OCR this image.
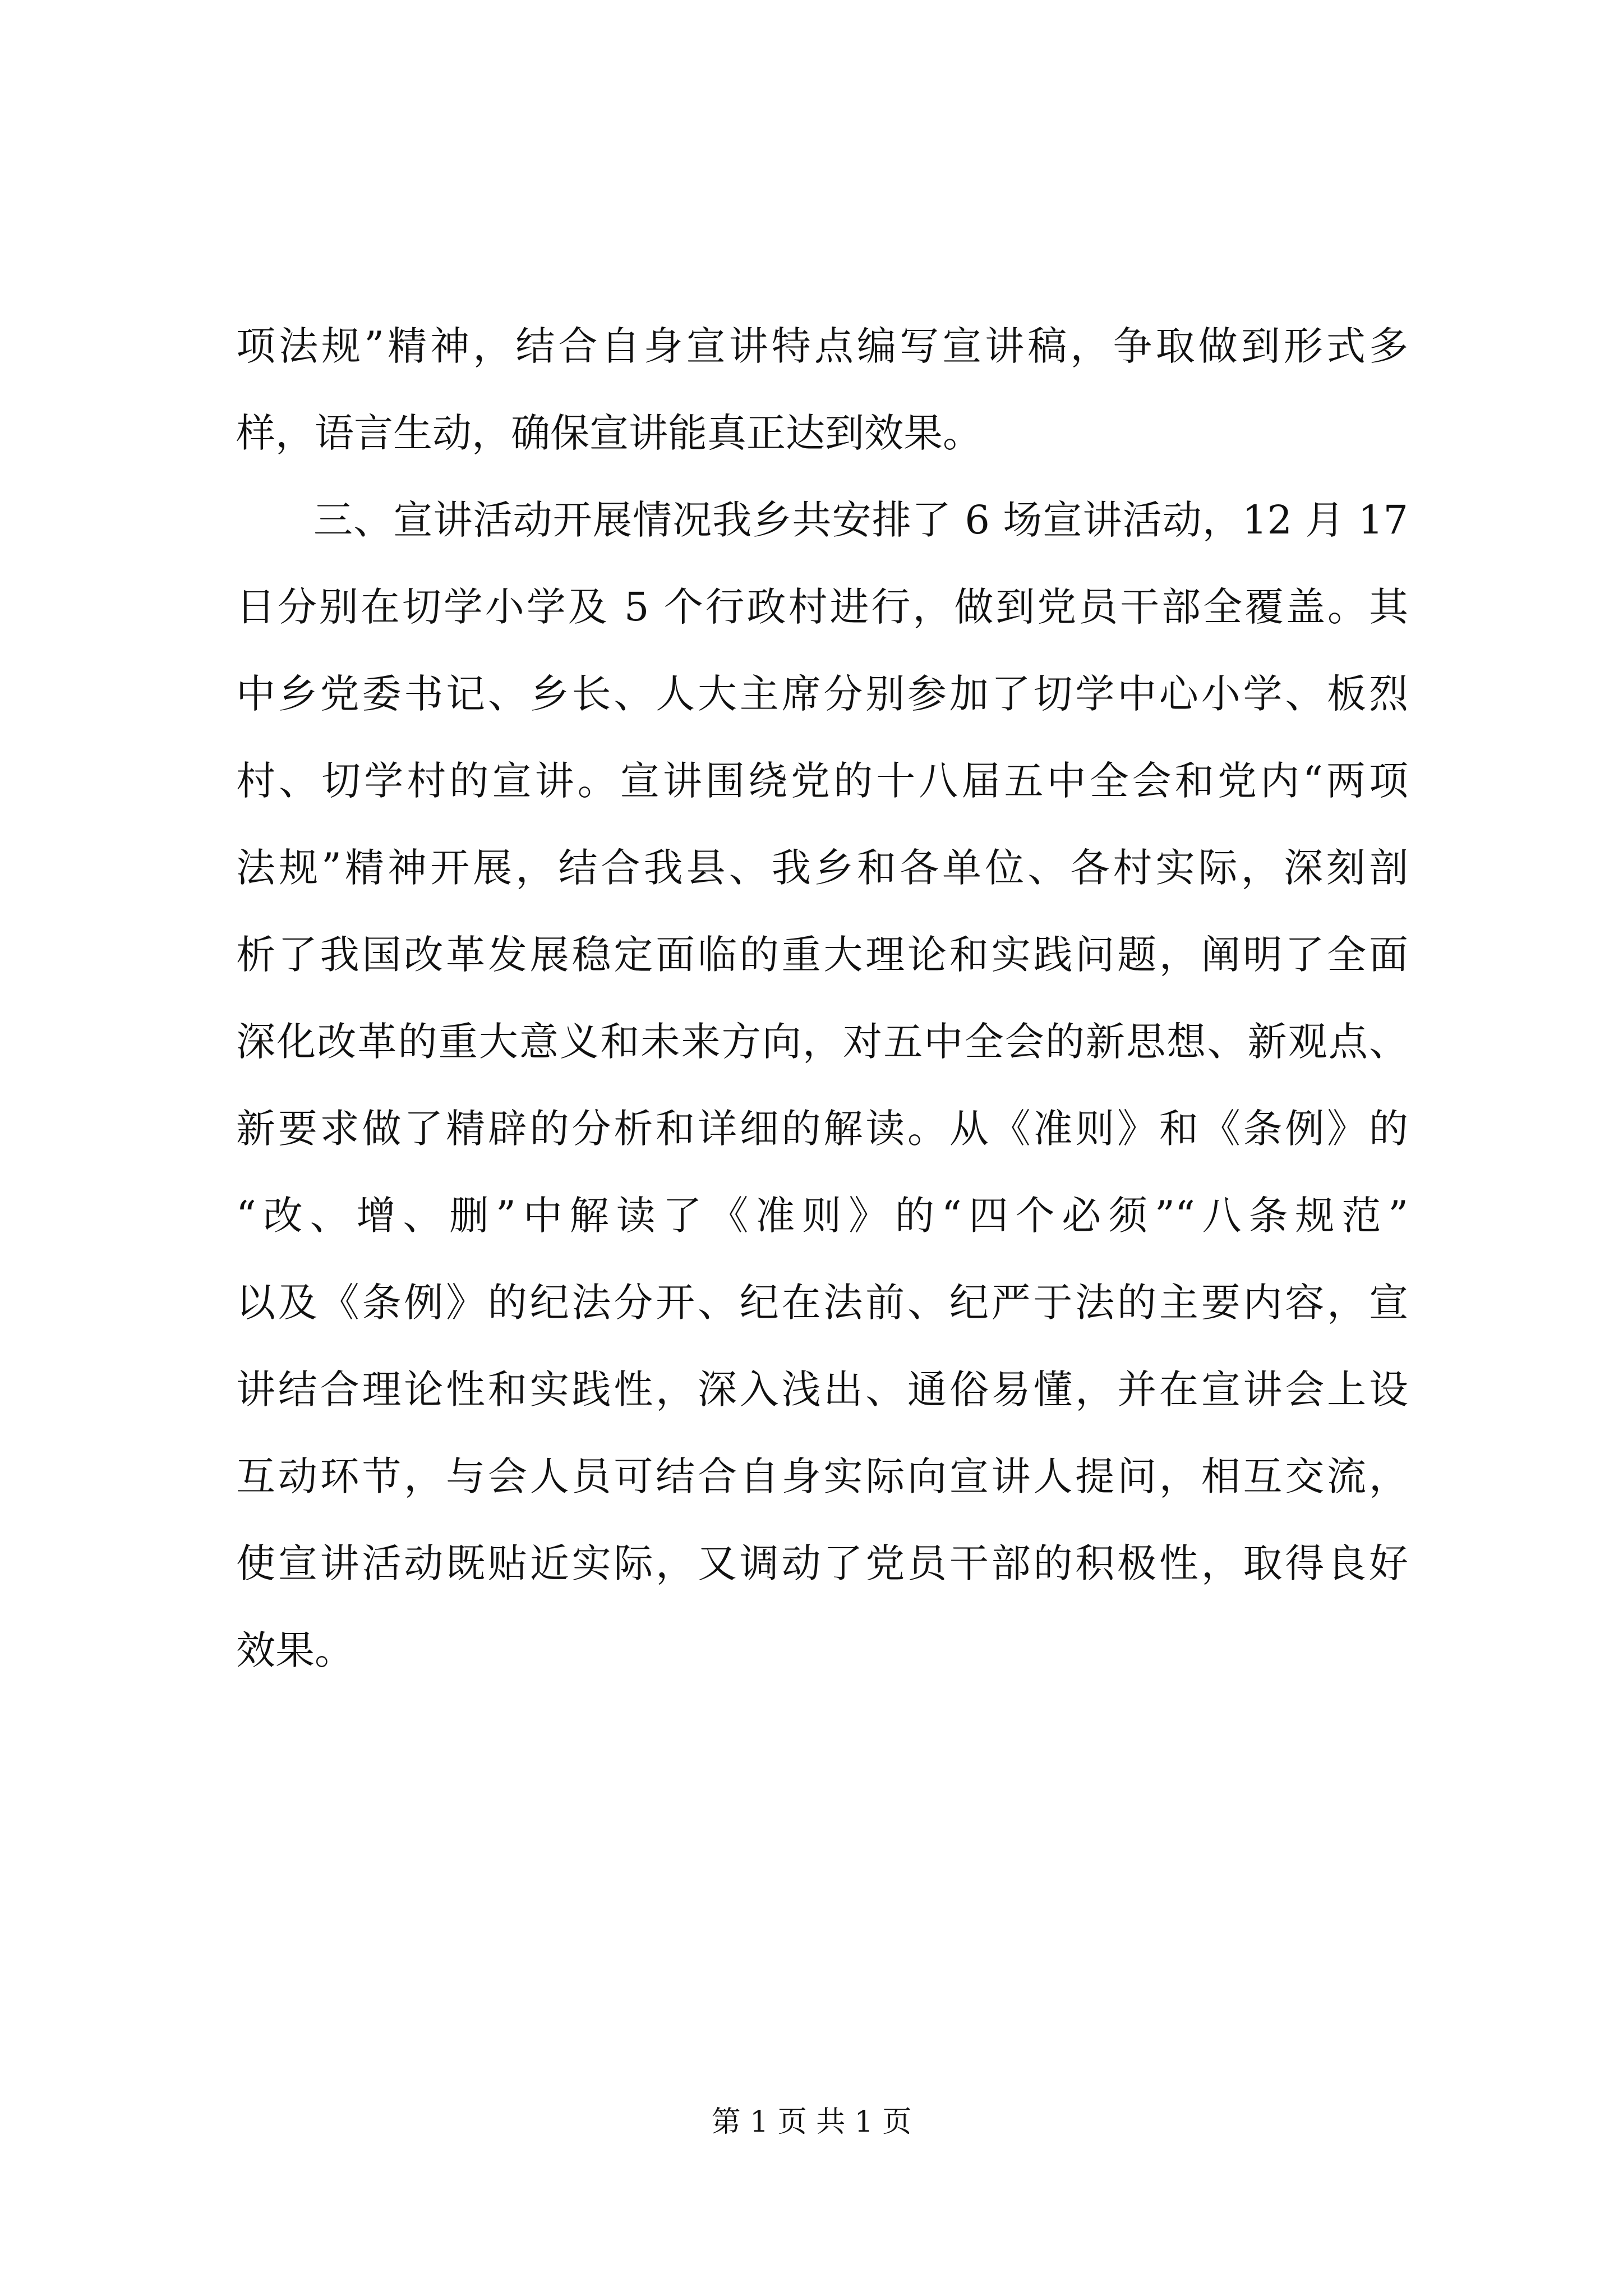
项法规”精神，结合自身宣讲特点编写宣讲稿，争取做到形式多
样，语言生动，确保宣讲能真正达到效果。
三、宣讲活动开展情况我乡共安排了 6 场宣讲活动，12 月 17
日分别在切学小学及 5 个行政村进行，做到党员干部全覆盖。其
中乡党委书记、乡长、人大主席分别参加了切学中心小学、板烈
村、切学村的宣讲。宣讲围绕党的十八届五中全会和党内“两项
法规”精神开展，结合我县、我乡和各单位、各村实际，深刻剖
析了我国改革发展稳定面临的重大理论和实践问题，阐明了全面
深化改革的重大意义和未来方向，对五中全会的新思想、新观点、
新要求做了精辟的分析和详细的解读。从《准则》和《条例》的
“改、增、删”中解读了《准则》的“四个必须”“八条规范”
以及《条例》的纪法分开、纪在法前、纪严于法的主要内容，宣
讲结合理论性和实践性，深入浅出、通俗易懂，并在宣讲会上设
互动环节，与会人员可结合自身实际向宣讲人提问，相互交流，
使宣讲活动既贴近实际，又调动了党员干部的积极性，取得良好
效果。
第 1 页 共 1 页
